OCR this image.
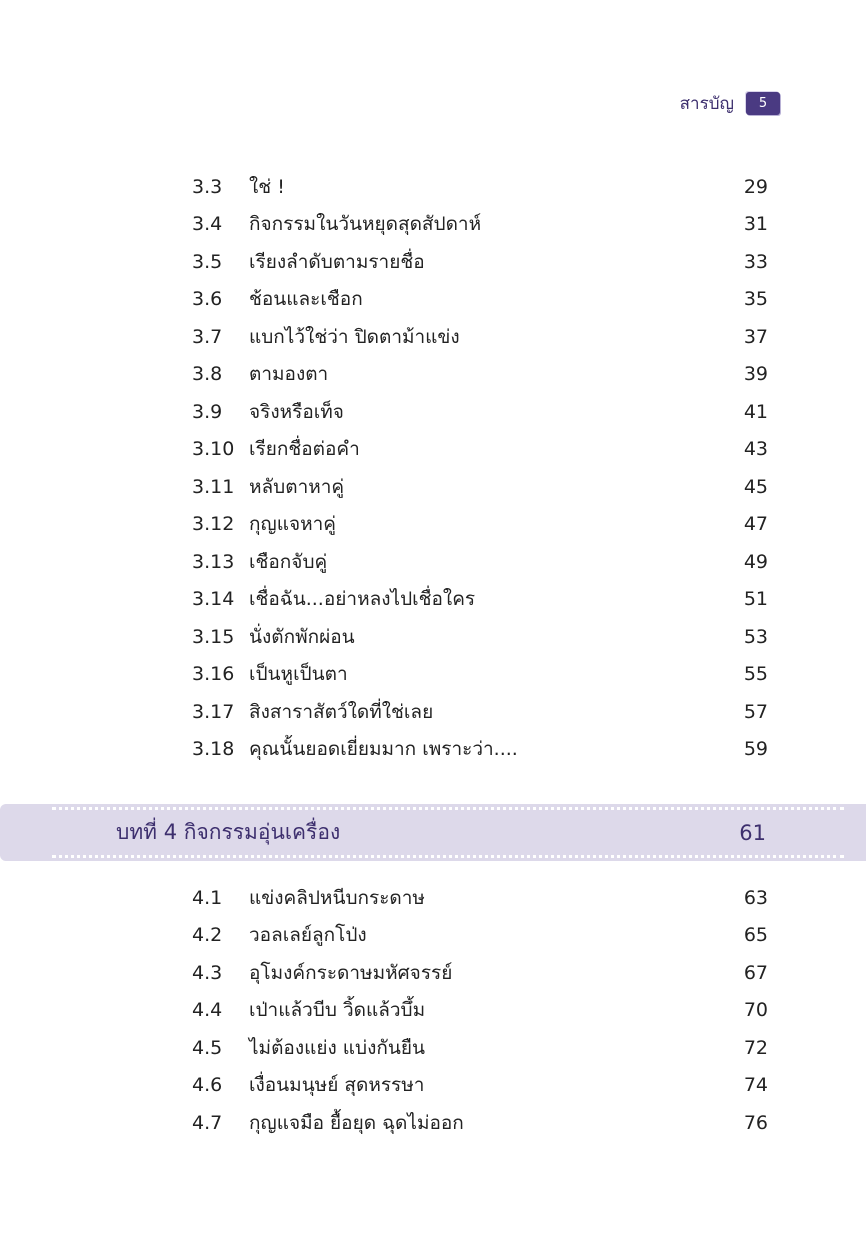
สารบัญ	5
3.3	ใช่ !	29
3.4	กิจกรรมในวันหยุดสุดสัปดาห์	31
3.5	เรียงลำดับตามรายชื่อ	33
3.6	ช้อนและเชือก	35
3.7	แบกไว้ใช่ว่า ปิดตาม้าแข่ง	37
3.8	ตามองตา	39
3.9	จริงหรือเท็จ	41
3.10 เรียกชื่อต่อคำ	43
3.11 หลับตาหาคู่	45
3.12 กุญแจหาคู่	47
3.13 เชือกจับคู่	49
3.14 เชื่อฉัน...อย่าหลงไปเชื่อใคร	51
3.15 นั่งตักพักผ่อน	53
3.16 เป็นหูเป็นตา	55
3.17 สิงสาราสัตว์ใดที่ใช่เลย	57
3.18 คุณนั้นยอดเยี่ยมมาก เพราะว่า....	59
บทที่ 4 กิจกรรมอุ่นเครื่อง	61
4.1	แข่งคลิปหนีบกระดาษ	63
4.2	วอลเลย์ลูกโป่ง	65
4.3	อุโมงค์กระดาษมหัศจรรย์	67
4.4	เป่าแล้วบีบ วิ้ดแล้วบึ้ม	70
4.5	ไม่ต้องแย่ง แบ่งกันยืน	72
4.6	เงื่อนมนุษย์ สุดหรรษา	74
4.7	กุญแจมือ ยื้อยุด ฉุดไม่ออก	76
